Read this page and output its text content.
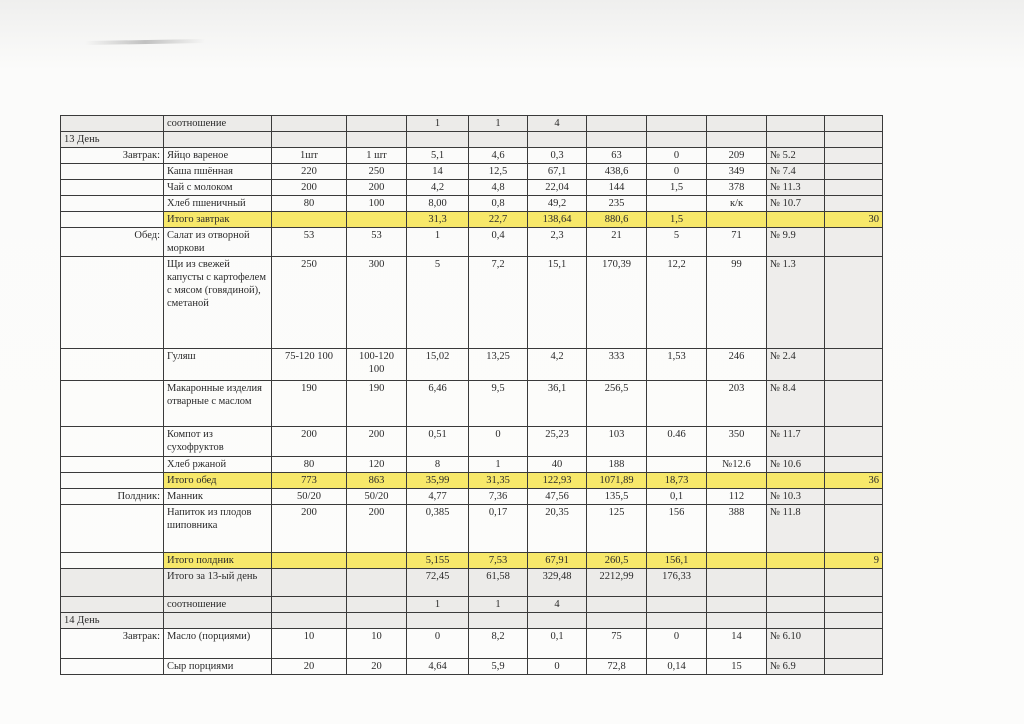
	соотношение			1	1	4					
13 День											
Завтрак:	Яйцо вареное	1шт	1 шт	5,1	4,6	0,3	63	0	209	№ 5.2	
	Каша пшённая	220	250	14	12,5	67,1	438,6	0	349	№ 7.4	
	Чай с молоком	200	200	4,2	4,8	22,04	144	1,5	378	№ 11.3	
	Хлеб пшеничный	80	100	8,00	0,8	49,2	235		к/к	№ 10.7	
	Итого завтрак			31,3	22,7	138,64	880,6	1,5			30
Обед:	Салат из отворной моркови	53	53	1	0,4	2,3	21	5	71	№ 9.9	
	Щи из свежей капусты с картофелем с мясом (говядиной), сметаной	250	300	5	7,2	15,1	170,39	12,2	99	№ 1.3	
	Гуляш	75-120 100	100-120 100	15,02	13,25	4,2	333	1,53	246	№ 2.4	
	Макаронные изделия отварные с маслом	190	190	6,46	9,5	36,1	256,5		203	№ 8.4	
	Компот из сухофруктов	200	200	0,51	0	25,23	103	0.46	350	№ 11.7	
	Хлеб ржаной	80	120	8	1	40	188		№12.6	№ 10.6	
	Итого обед	773	863	35,99	31,35	122,93	1071,89	18,73			36
Полдник:	Манник	50/20	50/20	4,77	7,36	47,56	135,5	0,1	112	№ 10.3	
	Напиток из плодов шиповника	200	200	0,385	0,17	20,35	125	156	388	№ 11.8	
	Итого полдник			5,155	7,53	67,91	260,5	156,1			9
	Итого за 13-ый день			72,45	61,58	329,48	2212,99	176,33			
	соотношение			1	1	4					
14 День											
Завтрак:	Масло (порциями)	10	10	0	8,2	0,1	75	0	14	№ 6.10	
	Сыр порциями	20	20	4,64	5,9	0	72,8	0,14	15	№ 6.9	
